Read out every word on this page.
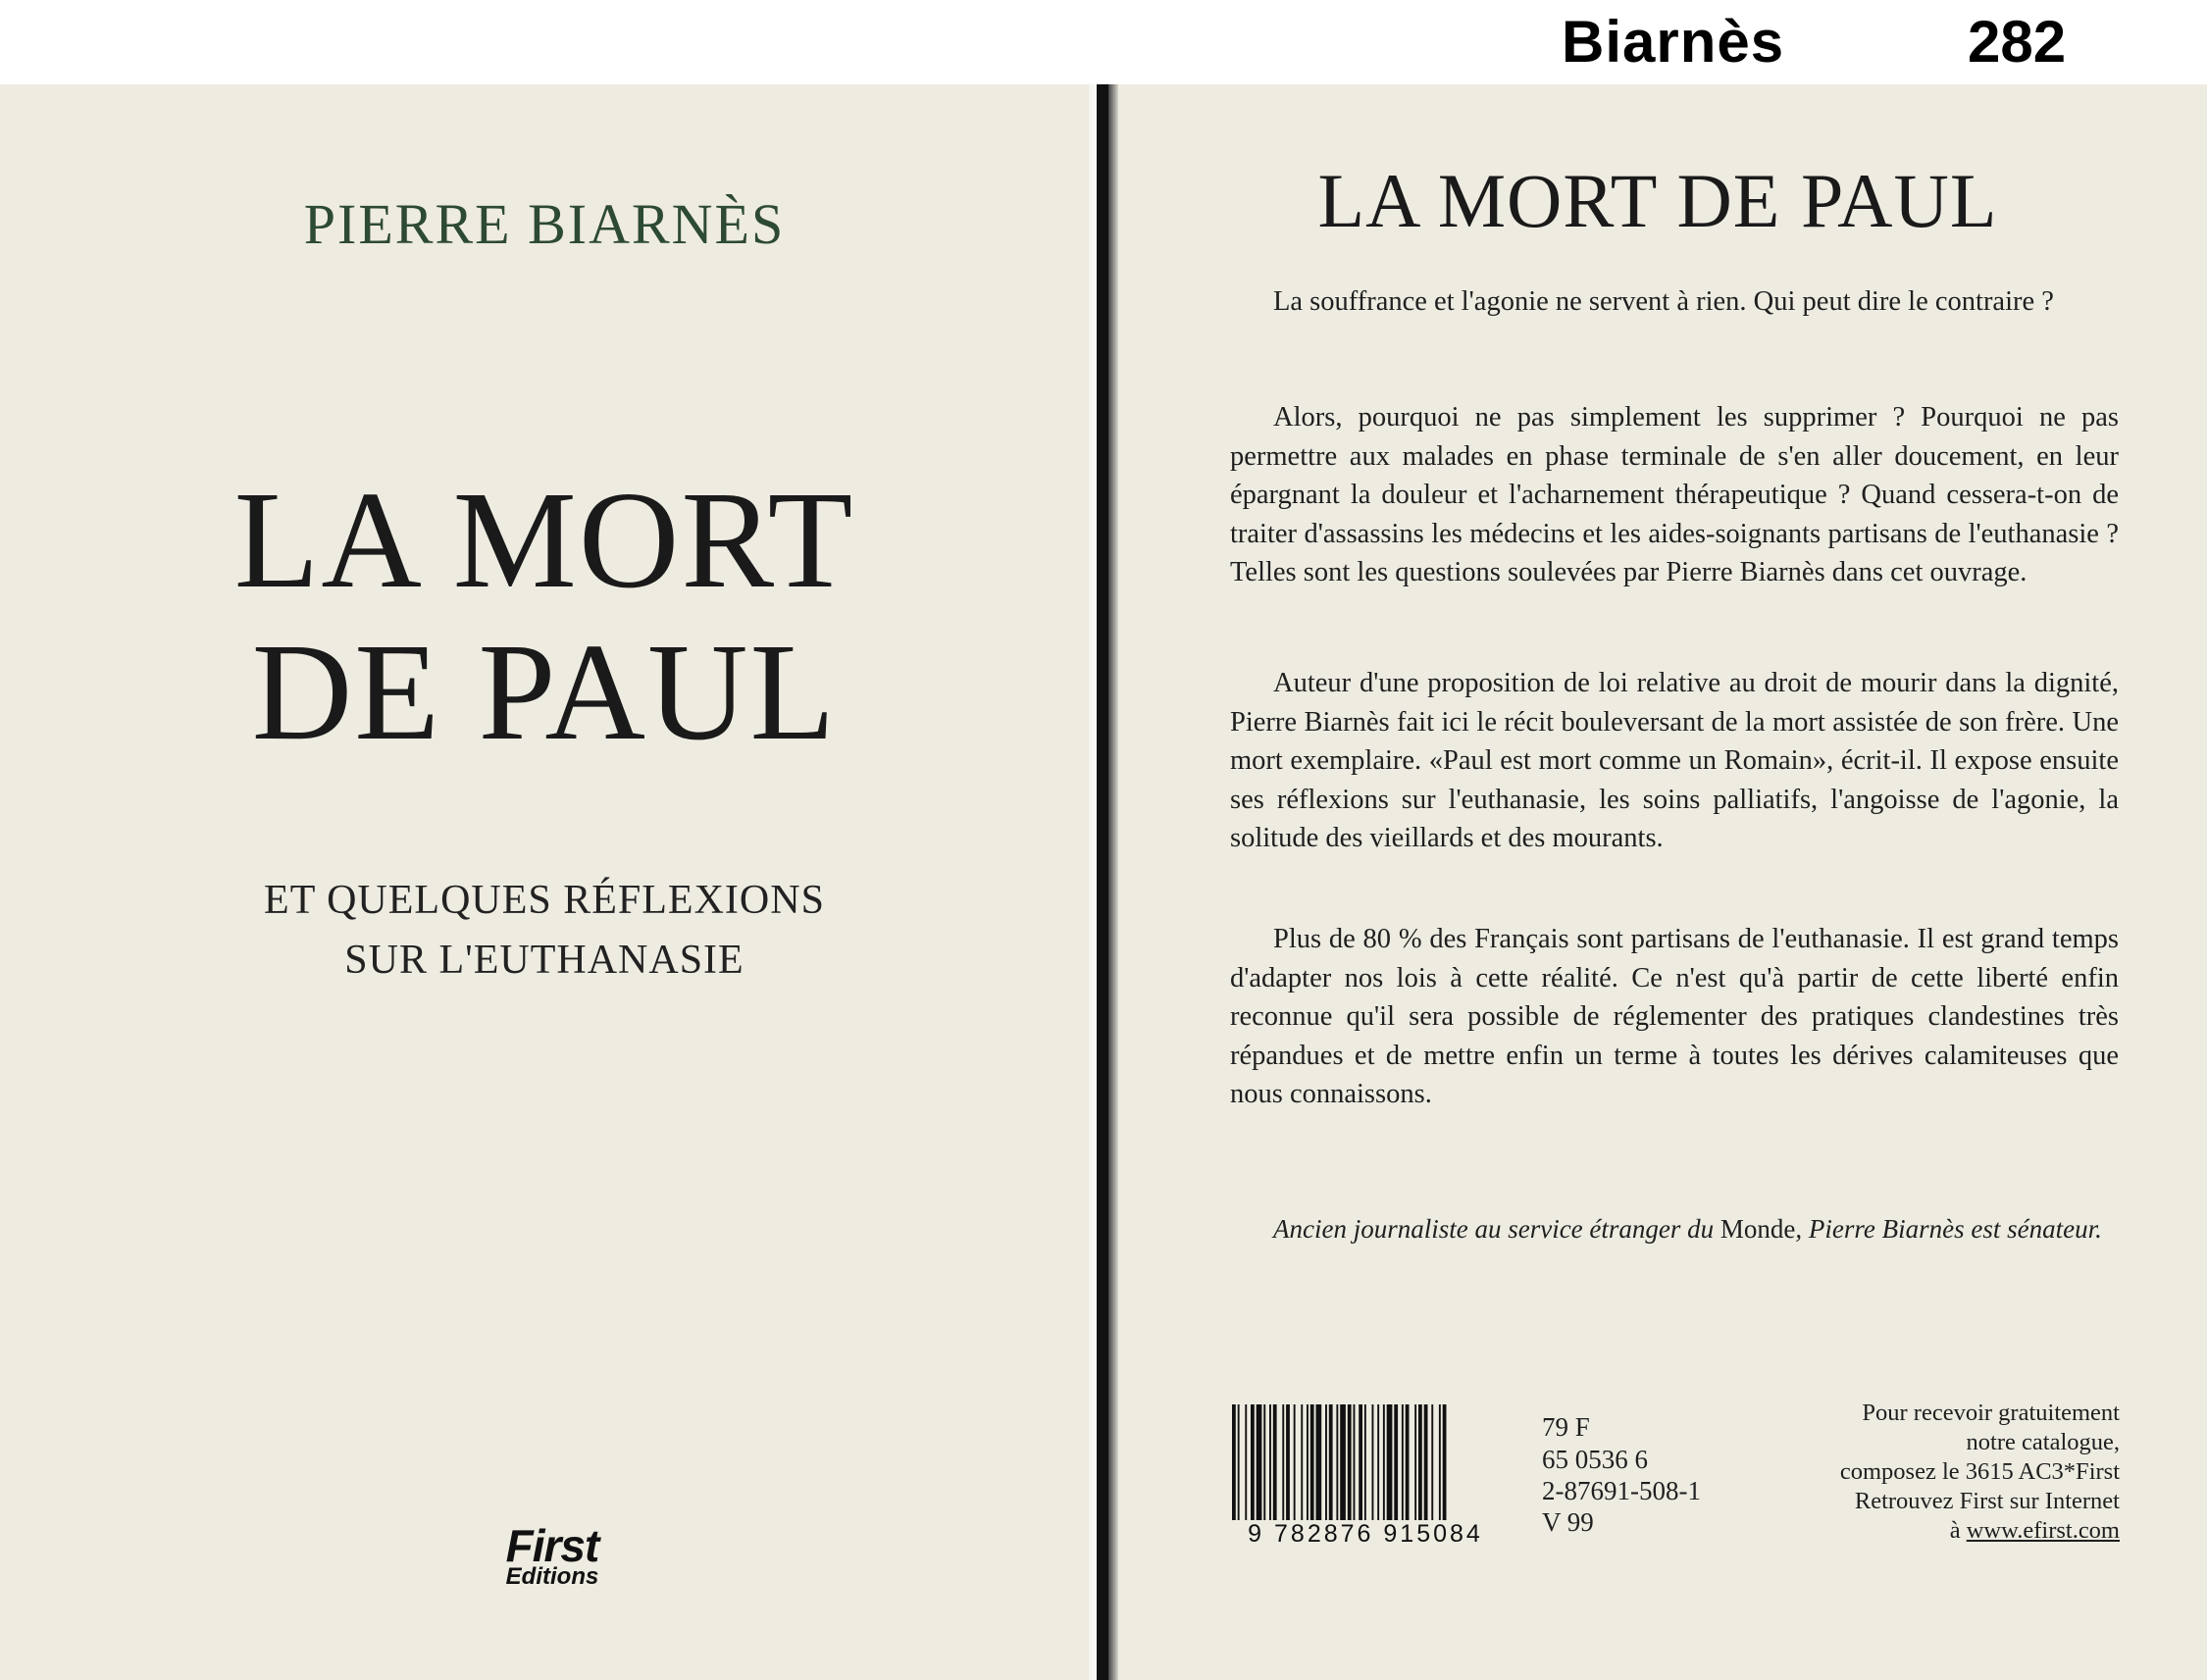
Biarnès	282
PIERRE BIARNÈS
LA MORT
DE PAUL
ET QUELQUES RÉFLEXIONS
SUR L'EUTHANASIE
First
Editions
LA MORT DE PAUL

La souffrance et l'agonie ne servent à rien. Qui peut dire le contraire ?

Alors, pourquoi ne pas simplement les supprimer ? Pourquoi ne pas permettre aux malades en phase terminale de s'en aller doucement, en leur épargnant la douleur et l'acharnement thérapeutique ? Quand cessera-t-on de traiter d'assassins les médecins et les aides-soignants partisans de l'euthanasie ? Telles sont les questions soulevées par Pierre Biarnès dans cet ouvrage.

Auteur d'une proposition de loi relative au droit de mourir dans la dignité, Pierre Biarnès fait ici le récit bouleversant de la mort assistée de son frère. Une mort exemplaire. «Paul est mort comme un Romain», écrit-il. Il expose ensuite ses réflexions sur l'euthanasie, les soins palliatifs, l'angoisse de l'agonie, la solitude des vieillards et des mourants.

Plus de 80 % des Français sont partisans de l'euthanasie. Il est grand temps d'adapter nos lois à cette réalité. Ce n'est qu'à partir de cette liberté enfin reconnue qu'il sera possible de réglementer des pratiques clandestines très répandues et de mettre enfin un terme à toutes les dérives calamiteuses que nous connaissons.

Ancien journaliste au service étranger du Monde, Pierre Biarnès est sénateur.

9 782876 915084
79 F
65 0536 6
2-87691-508-1
V 99
Pour recevoir gratuitement
notre catalogue,
composez le 3615 AC3*First
Retrouvez First sur Internet
à www.efirst.com
